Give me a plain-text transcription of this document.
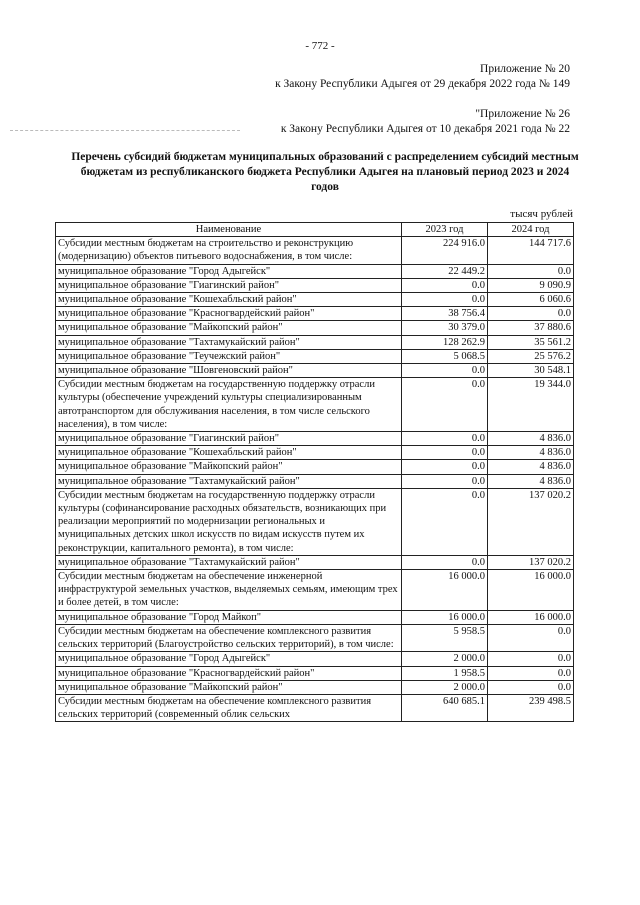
- 772 -
Приложение № 20
к Закону Республики Адыгея от 29 декабря 2022 года № 149
"Приложение № 26
к Закону Республики Адыгея от 10 декабря 2021 года № 22
Перечень субсидий бюджетам муниципальных образований с распределением субсидий местным бюджетам из республиканского бюджета Республики Адыгея на плановый период 2023 и 2024 годов
тысяч рублей
Наименование	2023 год	2024 год
Субсидии местным бюджетам на строительство и реконструкцию (модернизацию) объектов питьевого водоснабжения, в том числе:	224 916.0	144 717.6
муниципальное образование "Город Адыгейск"	22 449.2	0.0
муниципальное образование "Гиагинский район"	0.0	9 090.9
муниципальное образование "Кошехабльский район"	0.0	6 060.6
муниципальное образование "Красногвардейский район"	38 756.4	0.0
муниципальное образование "Майкопский район"	30 379.0	37 880.6
муниципальное образование "Тахтамукайский район"	128 262.9	35 561.2
муниципальное образование "Теучежский район"	5 068.5	25 576.2
муниципальное образование "Шовгеновский район"	0.0	30 548.1
Субсидии местным бюджетам на государственную поддержку отрасли культуры (обеспечение учреждений культуры специализированным автотранспортом для обслуживания населения, в том числе сельского населения), в том числе:	0.0	19 344.0
муниципальное образование "Гиагинский район"	0.0	4 836.0
муниципальное образование "Кошехабльский район"	0.0	4 836.0
муниципальное образование "Майкопский район"	0.0	4 836.0
муниципальное образование "Тахтамукайский район"	0.0	4 836.0
Субсидии местным бюджетам на государственную поддержку отрасли культуры (софинансирование расходных обязательств, возникающих при реализации мероприятий по модернизации региональных и муниципальных детских школ искусств по видам искусств путем их реконструкции, капитального ремонта), в том числе:	0.0	137 020.2
муниципальное образование "Тахтамукайский район"	0.0	137 020.2
Субсидии местным бюджетам на обеспечение инженерной инфраструктурой земельных участков, выделяемых семьям, имеющим трех и более детей, в том числе:	16 000.0	16 000.0
муниципальное образование "Город Майкоп"	16 000.0	16 000.0
Субсидии местным бюджетам на обеспечение комплексного развития сельских территорий (Благоустройство сельских территорий), в том числе:	5 958.5	0.0
муниципальное образование "Город Адыгейск"	2 000.0	0.0
муниципальное образование "Красногвардейский район"	1 958.5	0.0
муниципальное образование "Майкопский район"	2 000.0	0.0
Субсидии местным бюджетам на обеспечение комплексного развития сельских территорий (современный облик сельских	640 685.1	239 498.5
